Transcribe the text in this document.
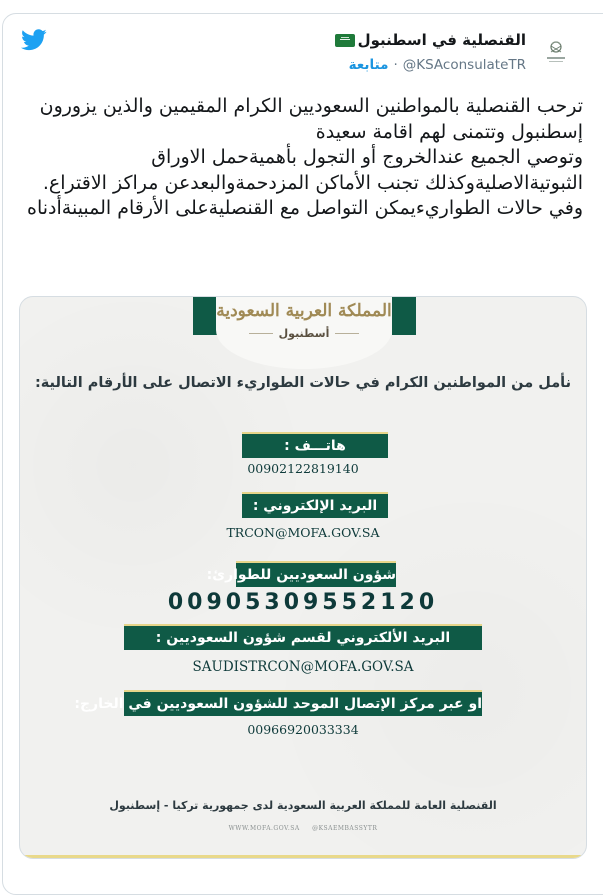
القنصلية في اسطنبول
متابعة · @KSAconsulateTR
ترحب القنصلية بالمواطنين السعوديين الكرام المقيمين والذين يزورون إسطنبول وتتمنى لهم اقامة سعيدة
وتوصي الجميع عندالخروج أو التجول بأهميةحمل الاوراق الثبوتيةالاصليةوكذلك تجنب الأماكن المزدحمةوالبعدعن مراكز الاقتراع.
وفي حالات الطواريءيمكن التواصل مع القنصليةعلى الأرقام المبينةأدناه
المملكة العربية السعودية
أسطنبول
نأمل من المواطنين الكرام في حالات الطواريء الاتصال على الأرقام التالية:
هاتـــف :
00902122819140
البريد الإلكتروني :
TRCON@MOFA.GOV.SA
شؤون السعوديين للطوارئ:
00905309552120
البريد الألكتروني لقسم شؤون السعوديين :
SAUDISTRCON@MOFA.GOV.SA
او عبر مركز الإتصال الموحد للشؤون السعوديين في الخارج:
00966920033334
القنصلية العامة للمملكة العربية السعودية لدى جمهورية تركيا - إسطنبول
WWW.MOFA.GOV.SA @KSAEMBASSYTR
